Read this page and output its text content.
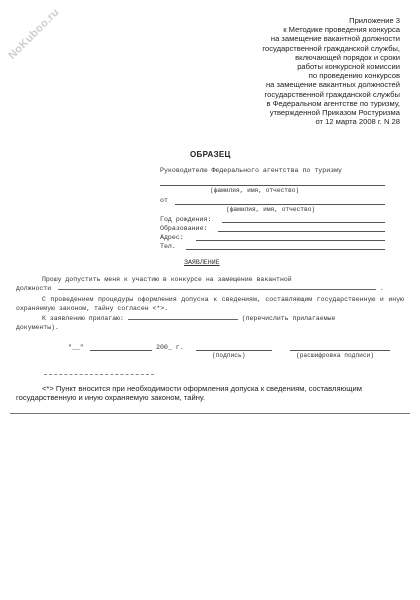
NoKuboo.ru	Приложение 3
к Методике проведения конкурса
на замещение вакантной должности
государственной гражданской службы,
включающей порядок и сроки
работы конкурсной комиссии
по проведению конкурсов
на замещение вакантных должностей
государственной гражданской службы
в Федеральном агентстве по туризму,
утвержденной Приказом Ростуризма
от 12 марта 2008 г. N 28
ОБРАЗЕЦ
Руководителю Федерального агентства по туризму
(фамилия, имя, отчество)
от
(фамилия, имя, отчество)
Год рождения:
Образование:
Адрес:
Тел.
ЗАЯВЛЕНИЕ
Прошу допустить меня к участию в конкурсе на замещение вакантной
должности	.
С проведением процедуры оформления допуска к сведениям, составляющим государственную и иную охраняемую законом, тайну согласен <*>.
К заявлению прилагаю:	(перечислить прилагаемые
документы).
"__"	200_ г.
(подпись)	(расшифровка подписи)
<*> Пункт вносится при необходимости оформления допуска к сведениям, составляющим государственную и иную охраняемую законом, тайну.
